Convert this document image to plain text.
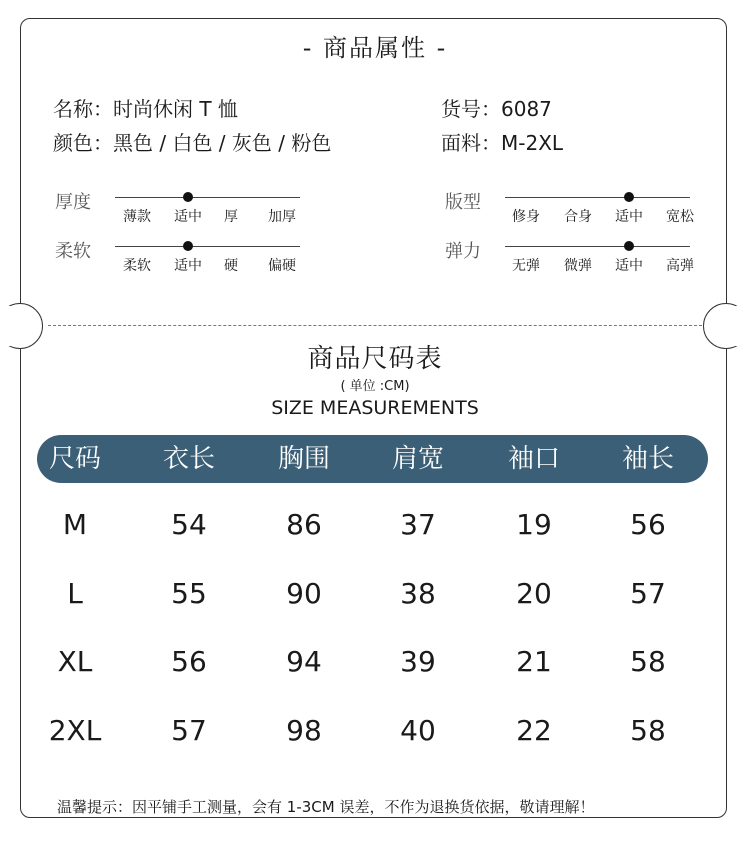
- 商品属性 -
名称：时尚休闲 T 恤	货号：6087
颜色：黑色 / 白色 / 灰色 / 粉色	面料：M-2XL
厚度
薄款 适中 厚 加厚
柔软
柔软 适中 硬 偏硬
版型
修身 合身 适中 宽松
弹力
无弹 微弹 适中 高弹
商品尺码表
( 单位 :CM)
SIZE MEASUREMENTS
尺码 衣长 胸围 肩宽 袖口 袖长
M	54	86	37	19	56
L	55	90	38	20	57
XL	56	94	39	21	58
2XL 57	98	40	22	58
温馨提示：因平铺手工测量，会有 1-3CM 误差，不作为退换货依据，敬请理解！
